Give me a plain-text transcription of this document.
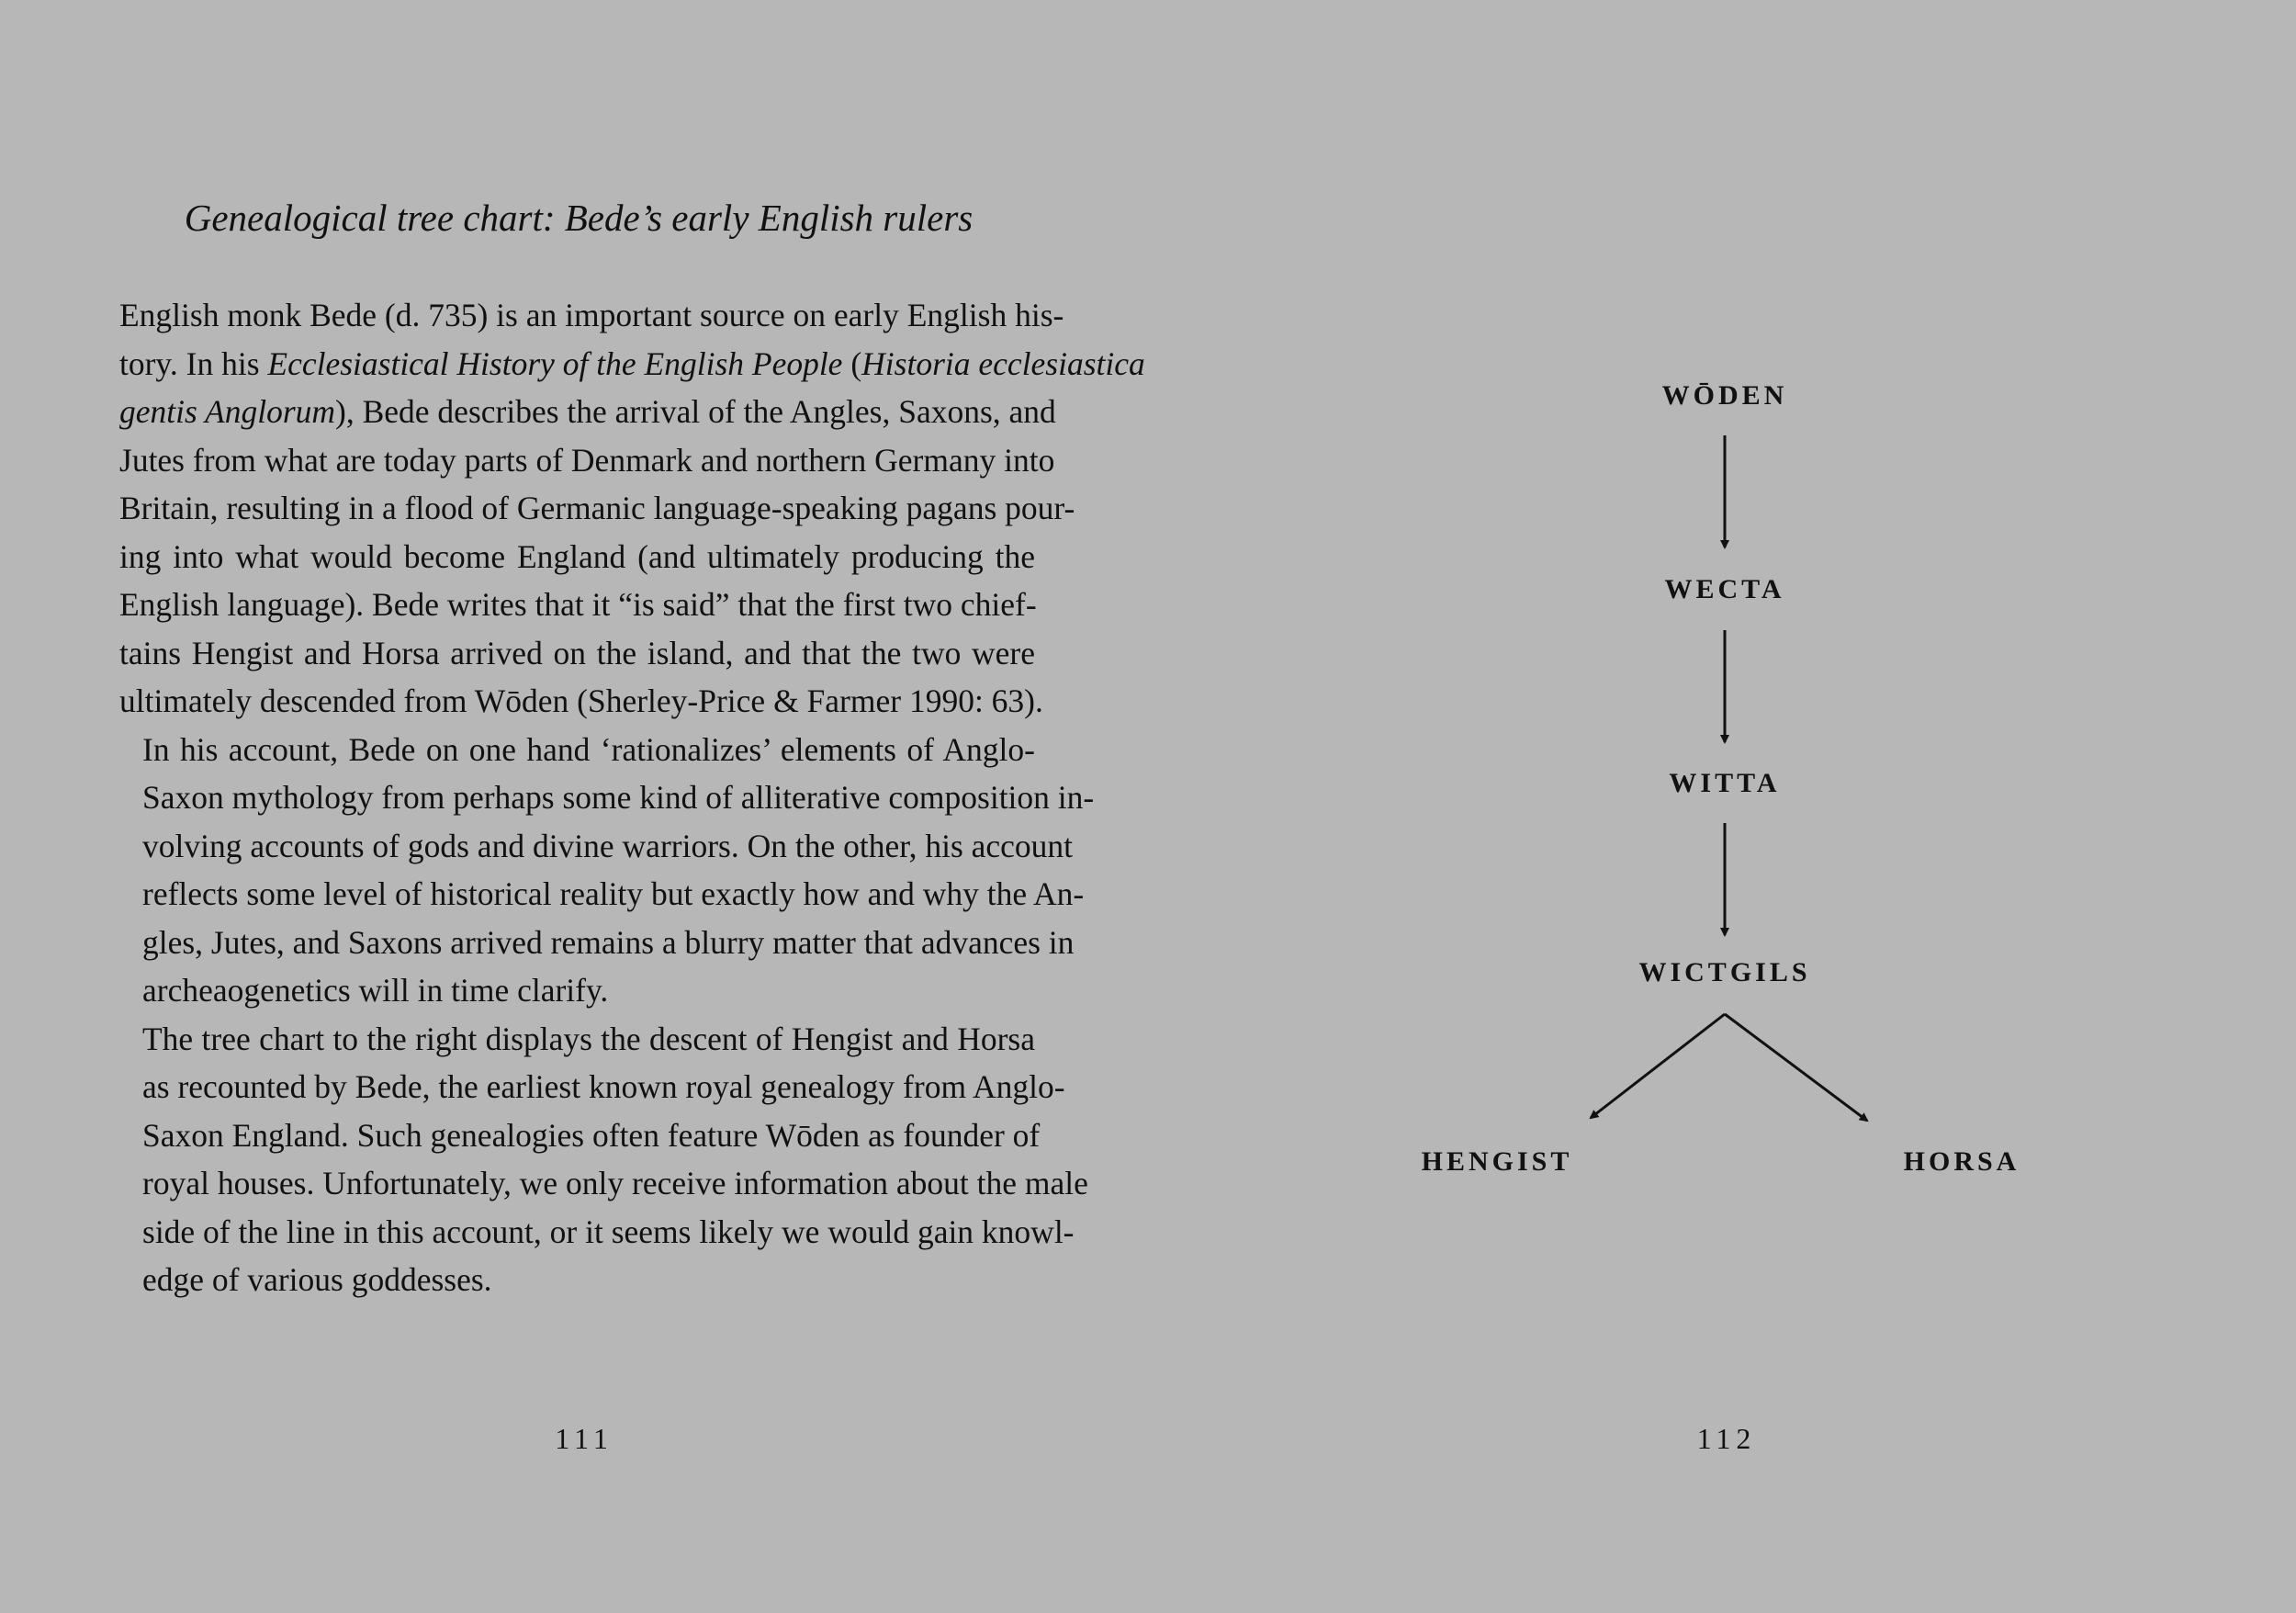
Genealogical tree chart: Bede’s early English rulers

English monk Bede (d. 735) is an important source on early English his-
tory. In his Ecclesiastical History of the English People (Historia ecclesiastica
gentis Anglorum), Bede describes the arrival of the Angles, Saxons, and
Jutes from what are today parts of Denmark and northern Germany into
Britain, resulting in a flood of Germanic language-speaking pagans pour-
ing into what would become England (and ultimately producing the
English language). Bede writes that it “is said” that the first two chief-
tains Hengist and Horsa arrived on the island, and that the two were
ultimately descended from Wōden (Sherley-Price & Farmer 1990: 63).

In his account, Bede on one hand ‘rationalizes’ elements of Anglo-
Saxon mythology from perhaps some kind of alliterative composition in-
volving accounts of gods and divine warriors. On the other, his account
reflects some level of historical reality but exactly how and why the An-
gles, Jutes, and Saxons arrived remains a blurry matter that advances in
archeaogenetics will in time clarify.

The tree chart to the right displays the descent of Hengist and Horsa
as recounted by Bede, the earliest known royal genealogy from Anglo-
Saxon England. Such genealogies often feature Wōden as founder of
royal houses. Unfortunately, we only receive information about the male
side of the line in this account, or it seems likely we would gain knowl-
edge of various goddesses.

111
WŌDEN
WECTA
WITTA
WICTGILS
HENGIST	HORSA
112
